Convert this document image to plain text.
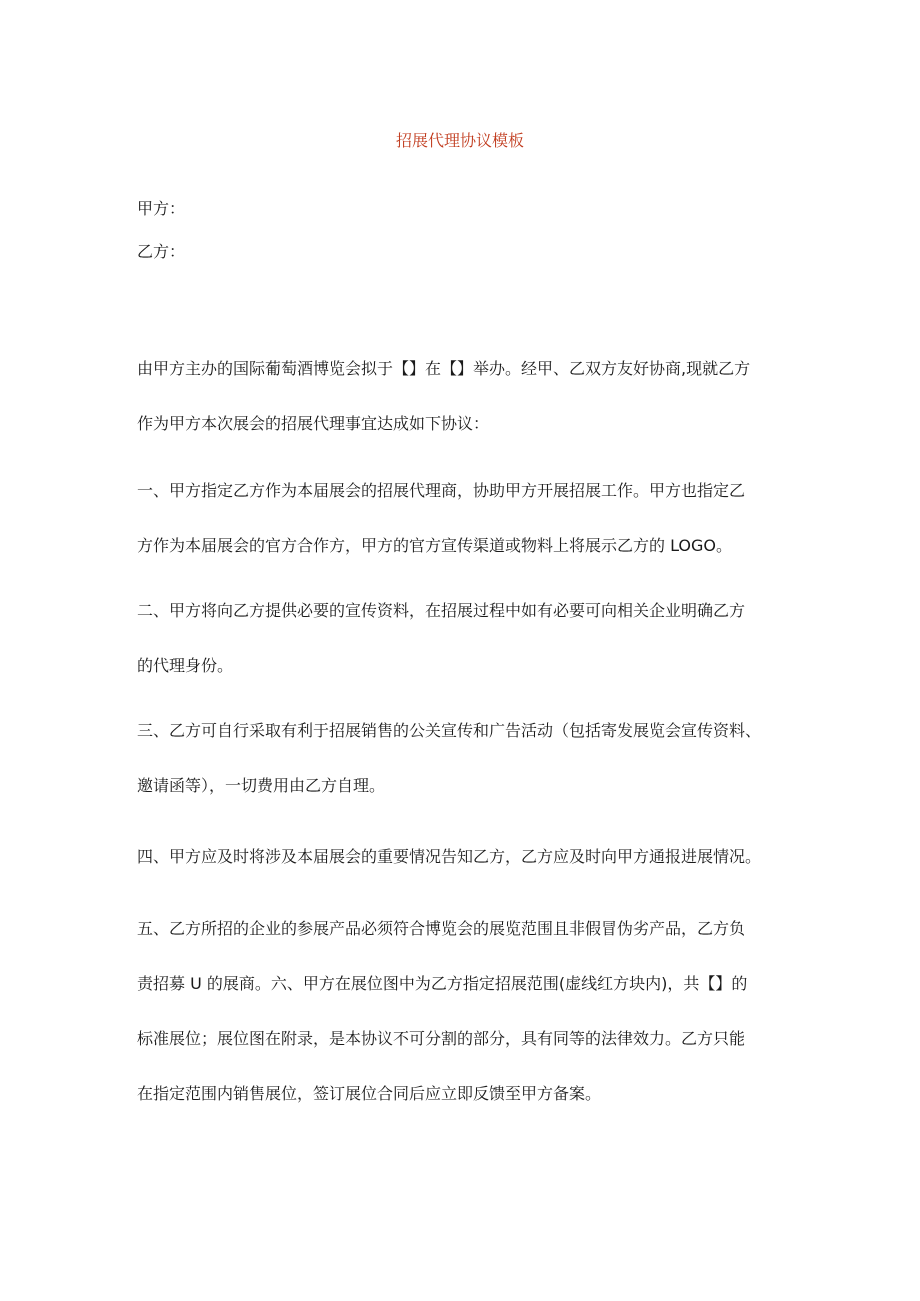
招展代理协议模板
甲方：
乙方：
由甲方主办的国际葡萄酒博览会拟于【】在【】举办。经甲、乙双方友好协商,现就乙方
作为甲方本次展会的招展代理事宜达成如下协议：
一、甲方指定乙方作为本届展会的招展代理商，协助甲方开展招展工作。甲方也指定乙
方作为本届展会的官方合作方，甲方的官方宣传渠道或物料上将展示乙方的 LOGO。
二、甲方将向乙方提供必要的宣传资料，在招展过程中如有必要可向相关企业明确乙方
的代理身份。
三、乙方可自行采取有利于招展销售的公关宣传和广告活动（包括寄发展览会宣传资料、
邀请函等），一切费用由乙方自理。
四、甲方应及时将涉及本届展会的重要情况告知乙方，乙方应及时向甲方通报进展情况。
五、乙方所招的企业的参展产品必须符合博览会的展览范围且非假冒伪劣产品，乙方负
责招募 U 的展商。六、甲方在展位图中为乙方指定招展范围(虚线红方块内)，共【】的
标准展位；展位图在附录，是本协议不可分割的部分，具有同等的法律效力。乙方只能
在指定范围内销售展位，签订展位合同后应立即反馈至甲方备案。
